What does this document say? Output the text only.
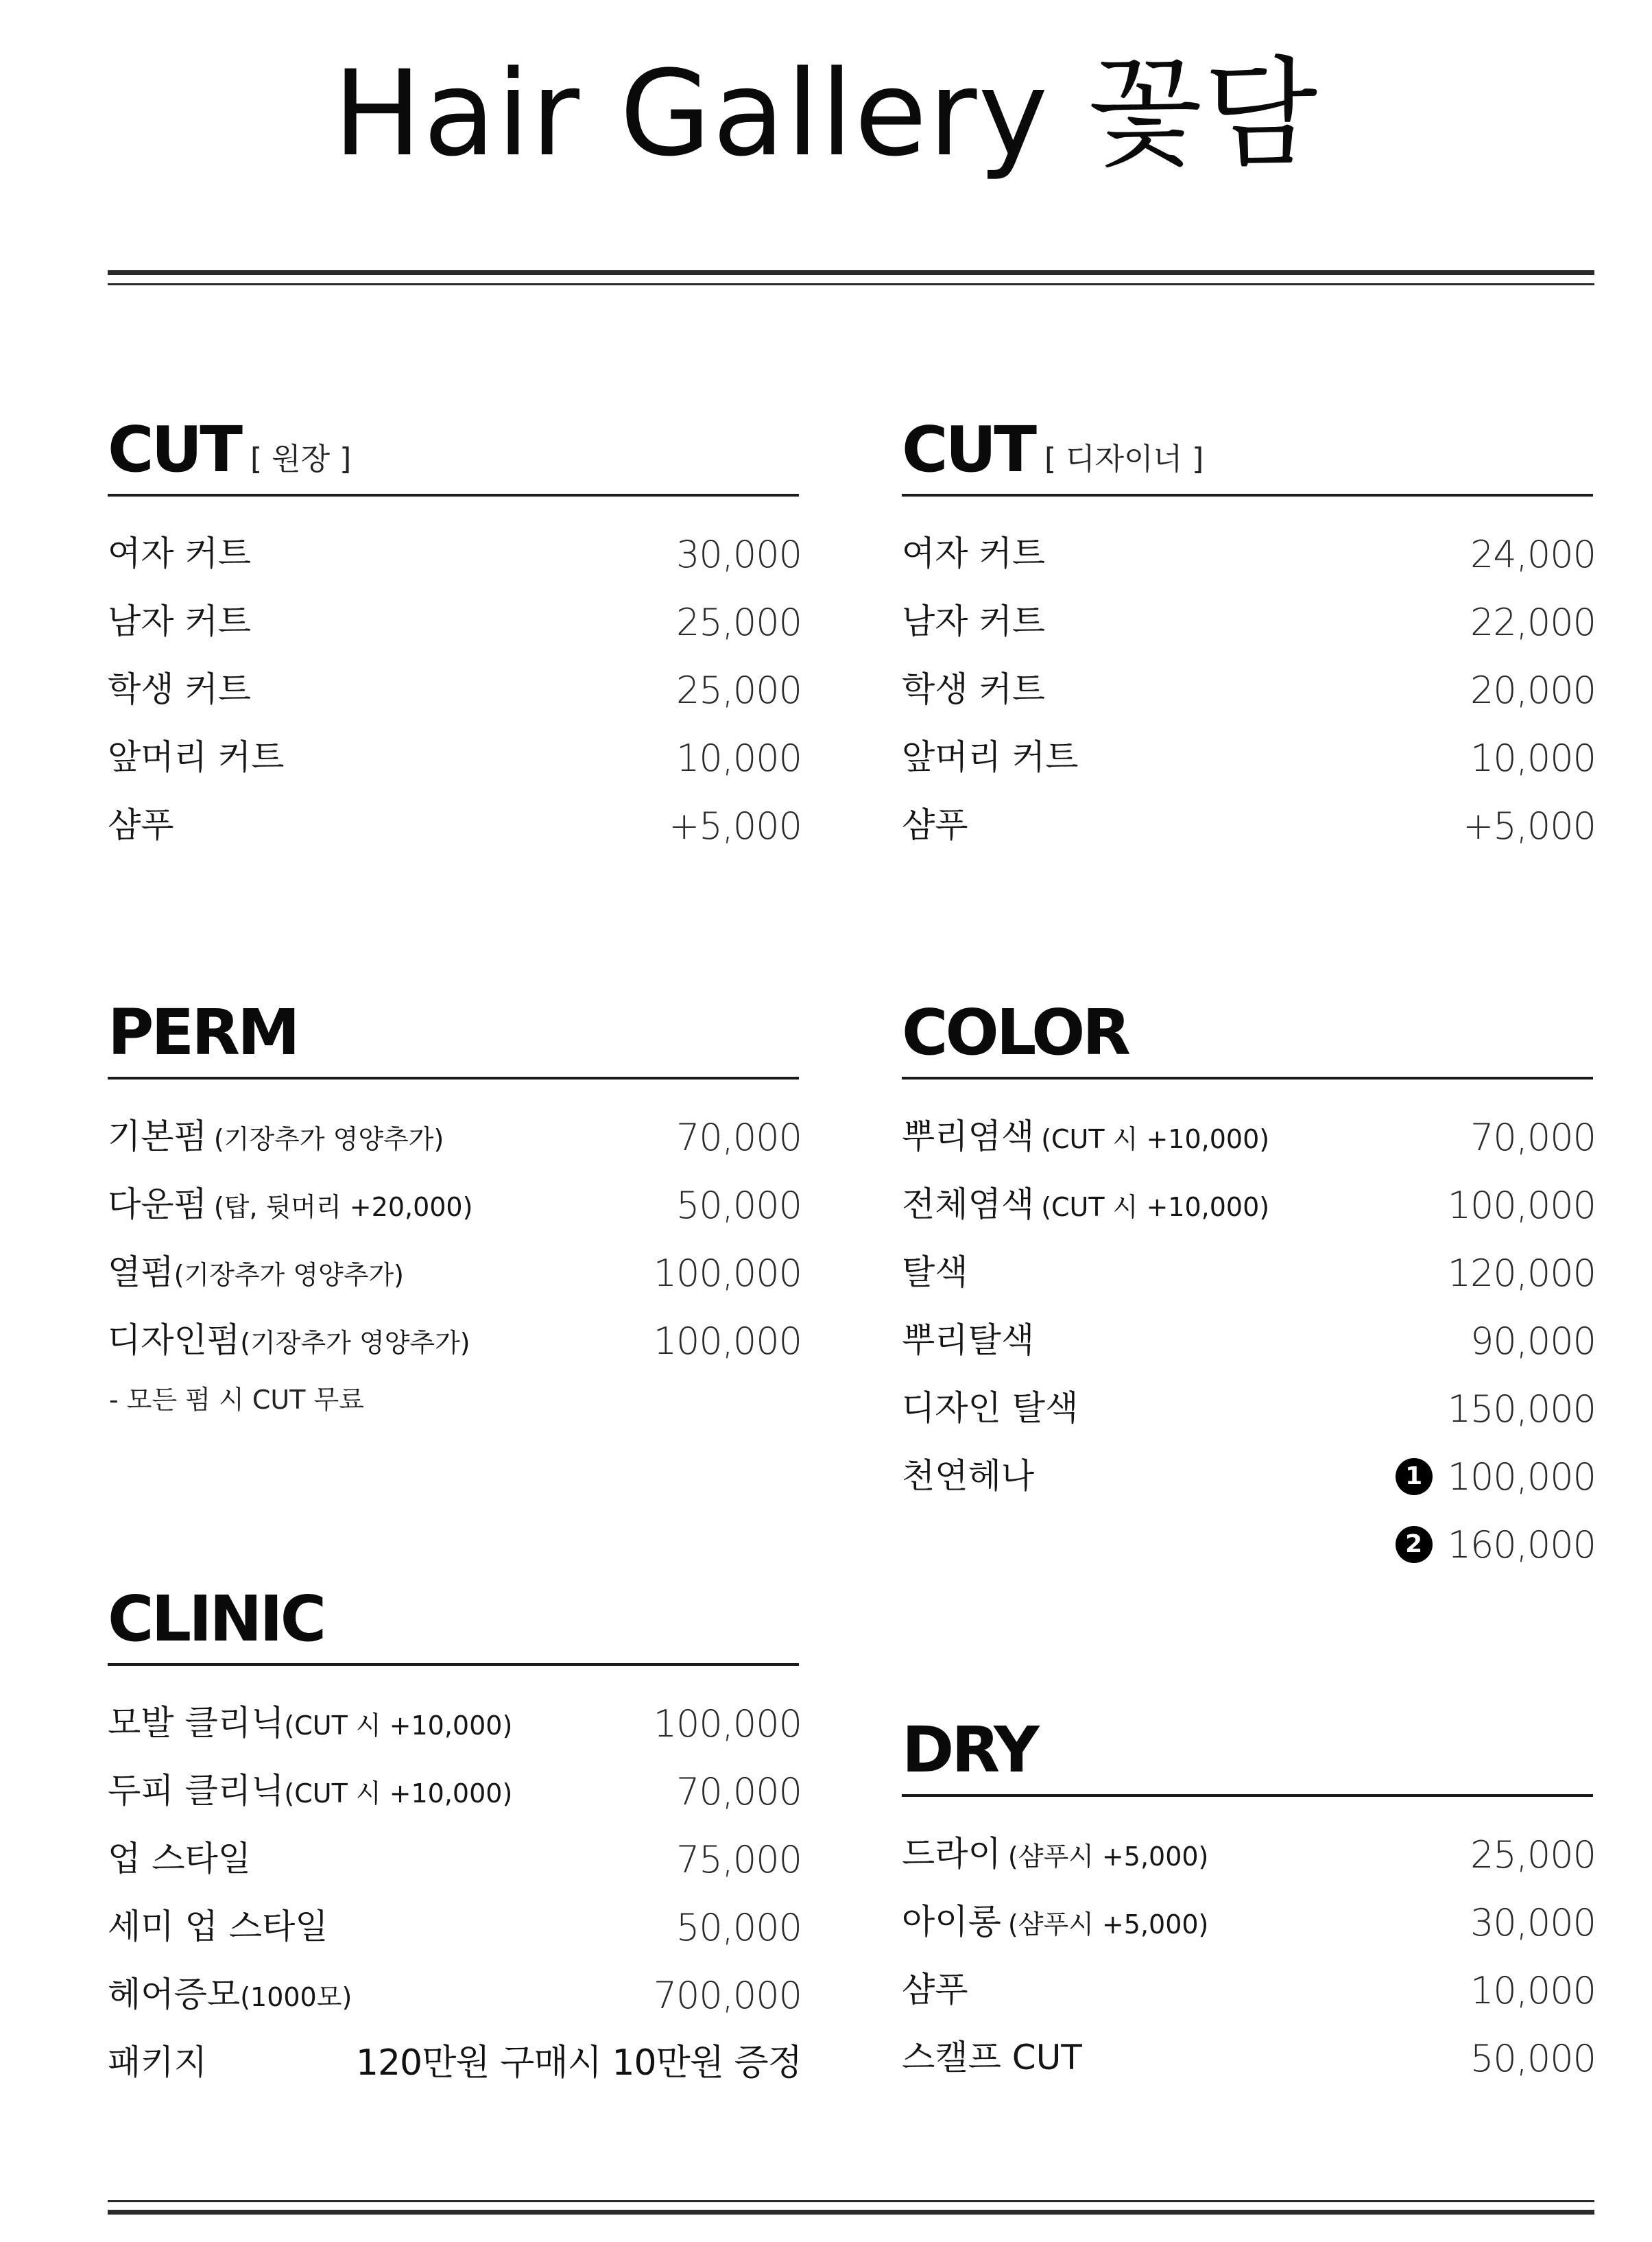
Hair Gallery 꽃담
CUT [ 원장 ]
여자 커트	30,000
남자 커트	25,000
학생 커트	25,000
앞머리 커트	10,000
샴푸	+5,000
CUT [ 디자이너 ]
여자 커트	24,000
남자 커트	22,000
학생 커트	20,000
앞머리 커트	10,000
샴푸	+5,000
PERM
기본펌 (기장추가 영양추가)	70,000
다운펌 (탑, 뒷머리 +20,000)	50,000
열펌(기장추가 영양추가)	100,000
디자인펌(기장추가 영양추가)	100,000
- 모든 펌 시 CUT 무료
COLOR
뿌리염색 (CUT 시 +10,000)	70,000
전체염색 (CUT 시 +10,000)	100,000
탈색	120,000
뿌리탈색	90,000
디자인 탈색	150,000
천연헤나	1 100,000
2 160,000
CLINIC
모발 클리닉(CUT 시 +10,000)	100,000
두피 클리닉(CUT 시 +10,000)	70,000
업 스타일	75,000
세미 업 스타일	50,000
헤어증모(1000모)	700,000
패키지	120만원 구매시 10만원 증정
DRY
드라이 (샴푸시 +5,000)	25,000
아이롱 (샴푸시 +5,000)	30,000
샴푸	10,000
스캘프 CUT	50,000
